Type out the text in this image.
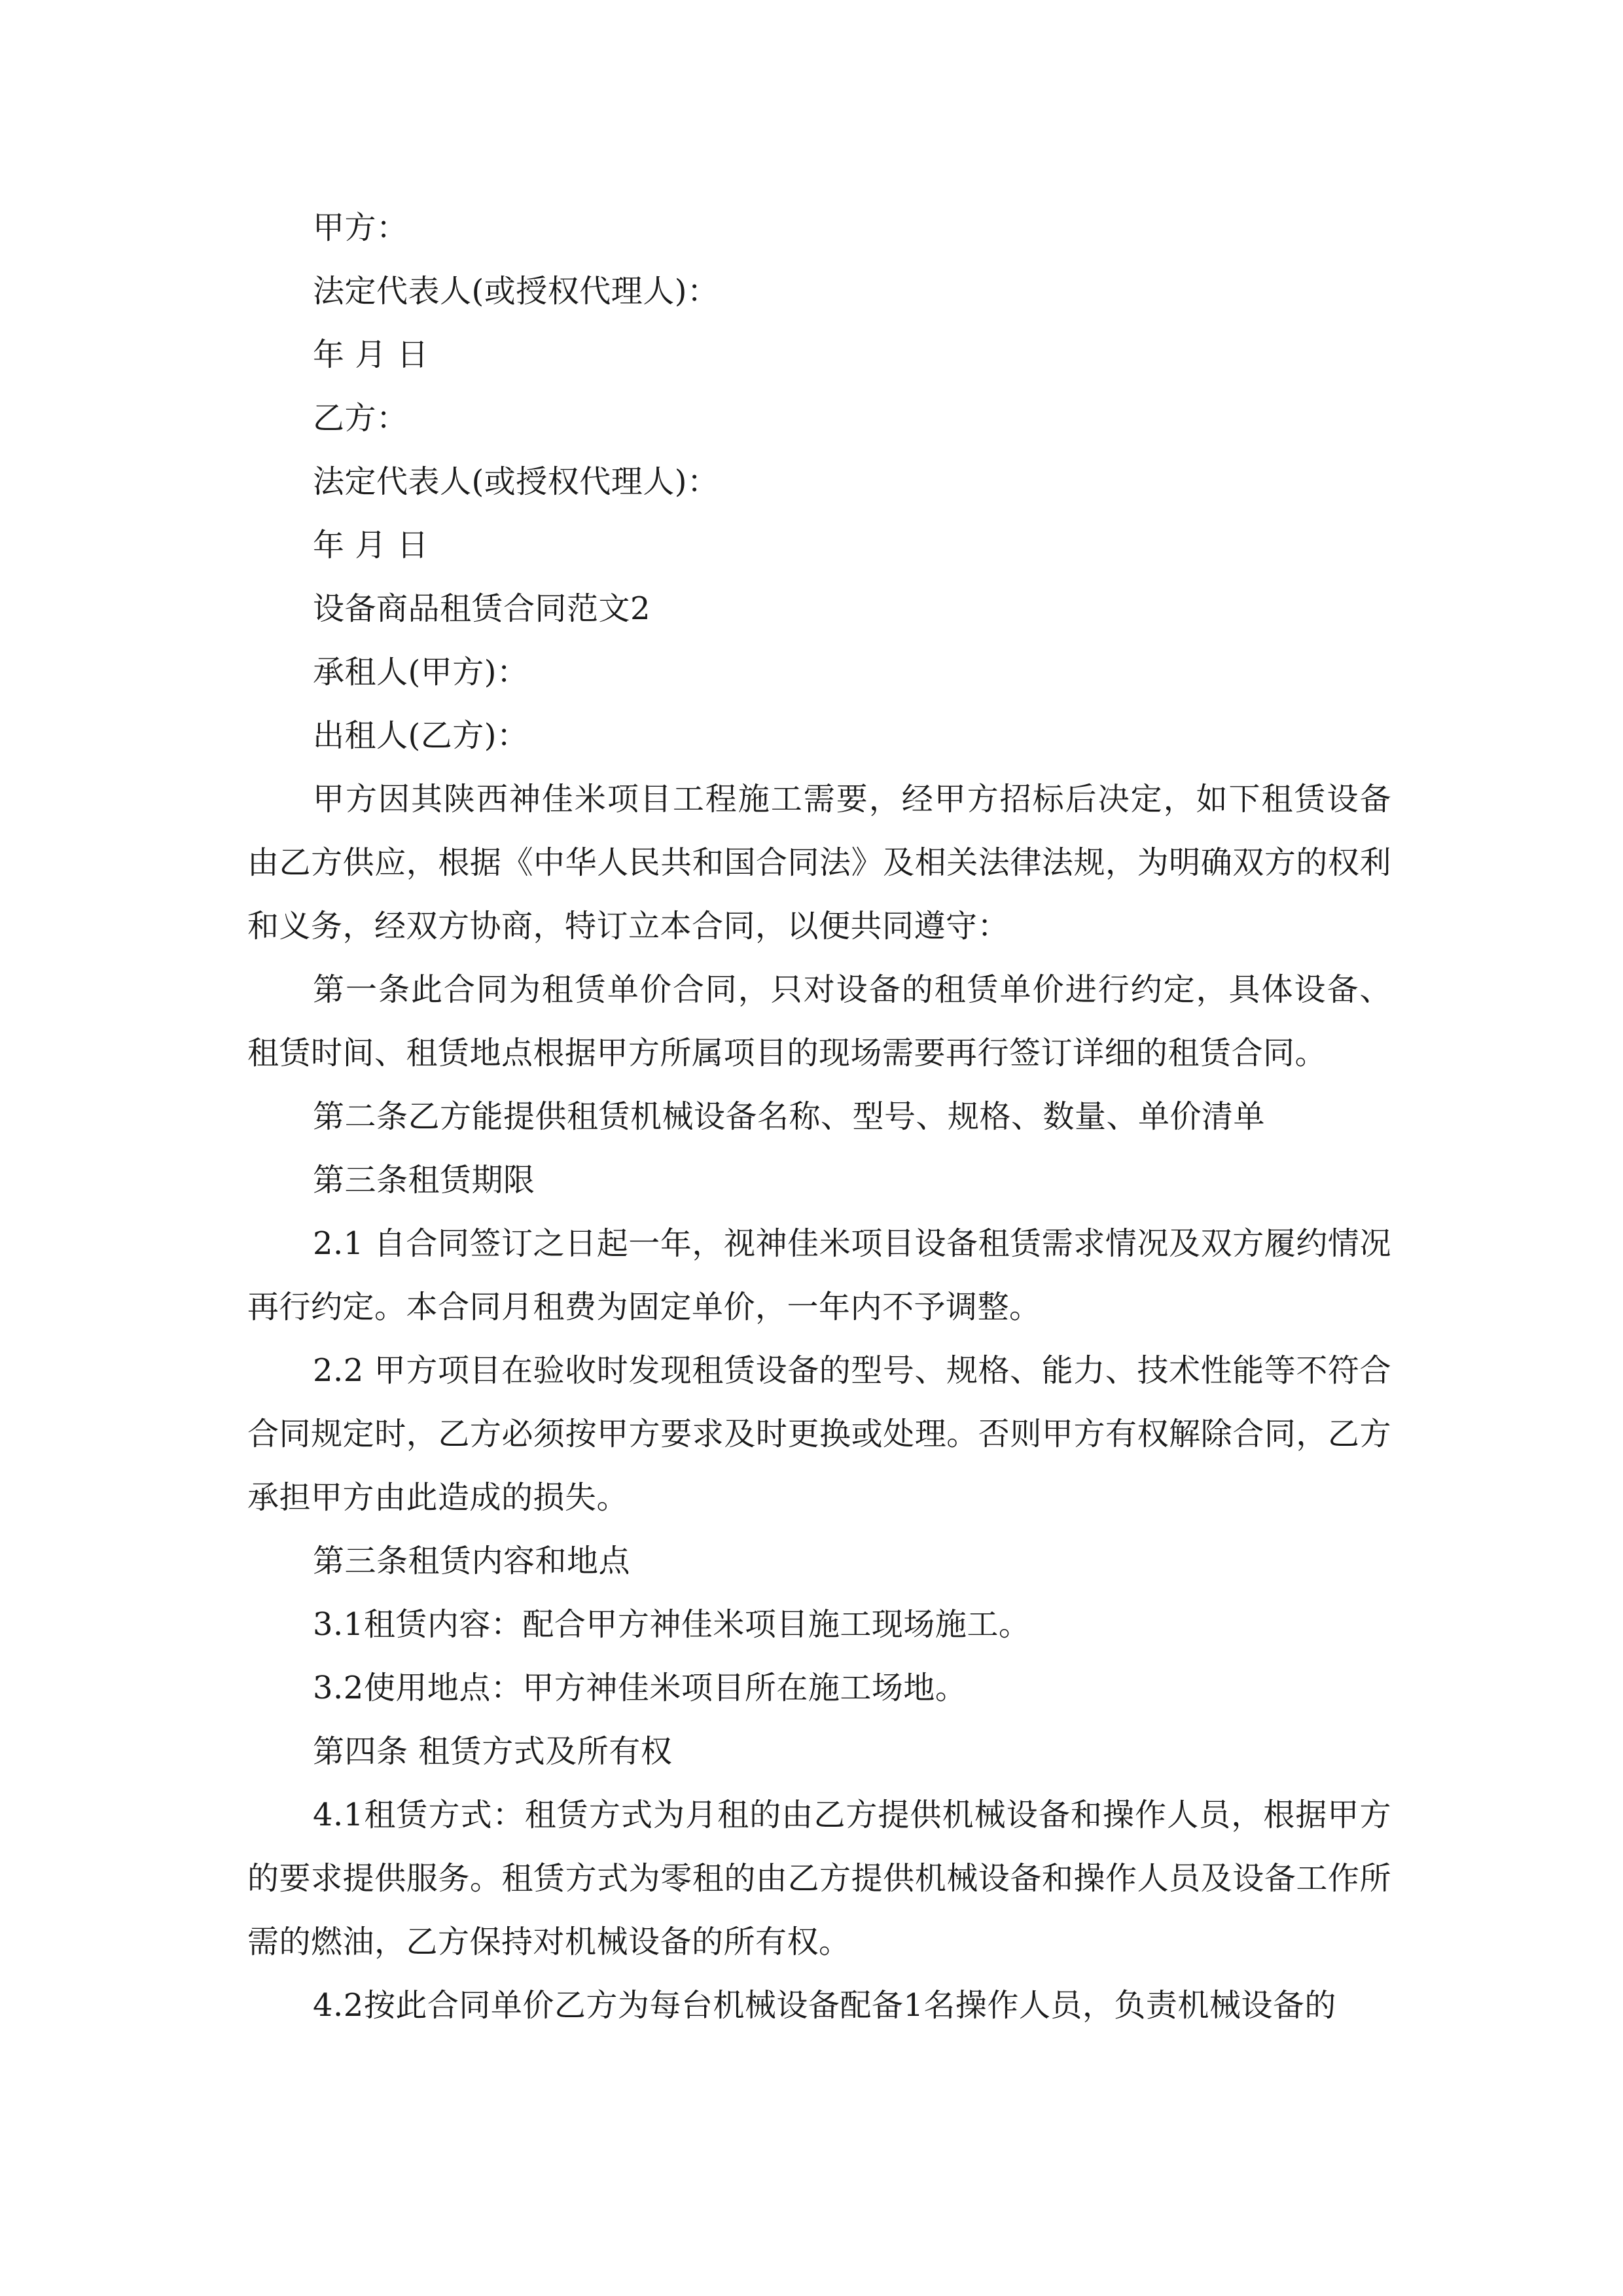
甲方：

法定代表人(或授权代理人)：

年 月 日

乙方：

法定代表人(或授权代理人)：

年 月 日

设备商品租赁合同范文2

承租人(甲方)：

出租人(乙方)：

甲方因其陕西神佳米项目工程施工需要，经甲方招标后决定，如下租赁设备由乙方供应，根据《中华人民共和国合同法》及相关法律法规，为明确双方的权利和义务，经双方协商，特订立本合同，以便共同遵守：

第一条此合同为租赁单价合同，只对设备的租赁单价进行约定，具体设备、租赁时间、租赁地点根据甲方所属项目的现场需要再行签订详细的租赁合同。

第二条乙方能提供租赁机械设备名称、型号、规格、数量、单价清单

第三条租赁期限

2.1 自合同签订之日起一年，视神佳米项目设备租赁需求情况及双方履约情况再行约定。本合同月租费为固定单价，一年内不予调整。

2.2 甲方项目在验收时发现租赁设备的型号、规格、能力、技术性能等不符合合同规定时，乙方必须按甲方要求及时更换或处理。否则甲方有权解除合同，乙方承担甲方由此造成的损失。

第三条租赁内容和地点

3.1租赁内容：配合甲方神佳米项目施工现场施工。

3.2使用地点：甲方神佳米项目所在施工场地。

第四条 租赁方式及所有权

4.1租赁方式：租赁方式为月租的由乙方提供机械设备和操作人员，根据甲方的要求提供服务。租赁方式为零租的由乙方提供机械设备和操作人员及设备工作所需的燃油，乙方保持对机械设备的所有权。

4.2按此合同单价乙方为每台机械设备配备1名操作人员，负责机械设备的
